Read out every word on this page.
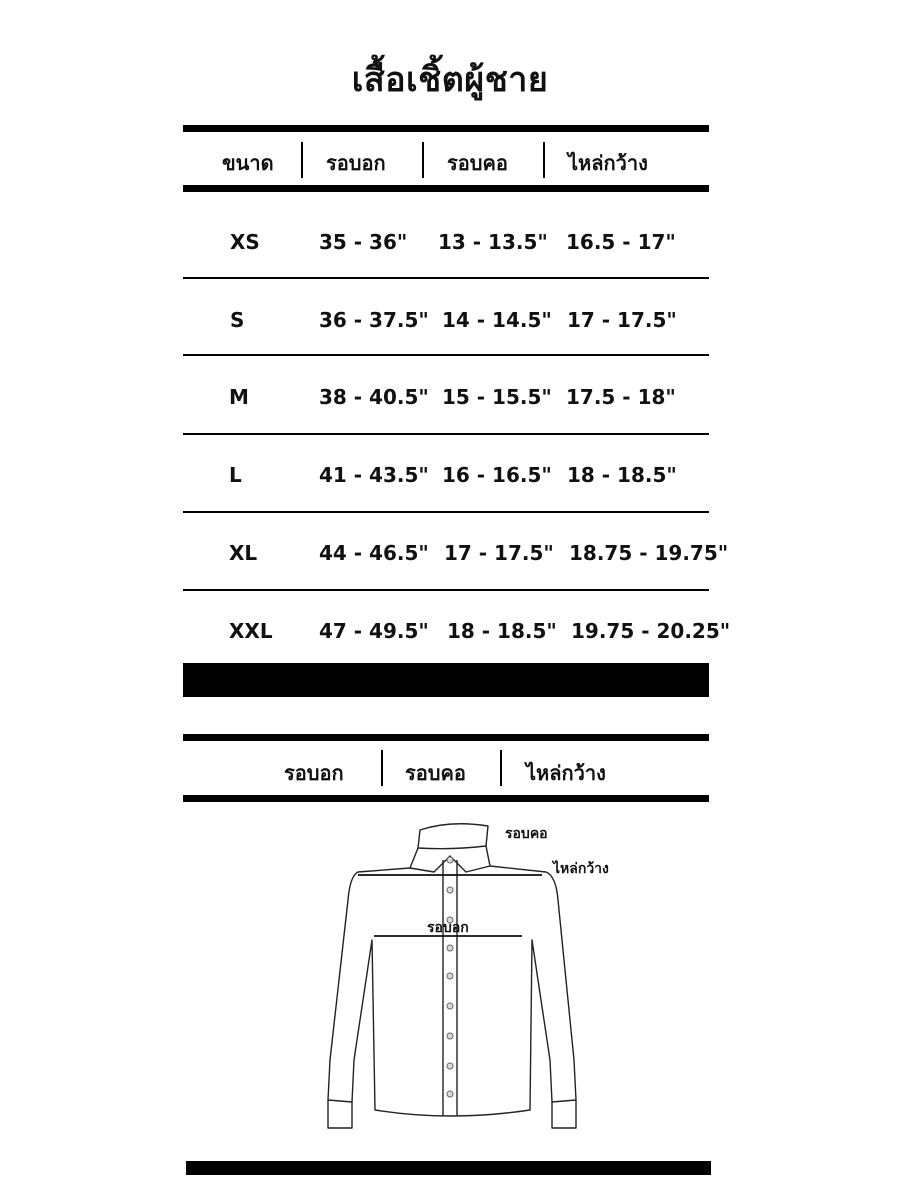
เสื้อเชิ้ตผู้ชาย
ขนาด	รอบอก	รอบคอ	ไหล่กว้าง
XS	35 - 36" 13 - 13.5" 16.5 - 17"
S	36 - 37.5" 14 - 14.5" 17 - 17.5"
M	38 - 40.5" 15 - 15.5" 17.5 - 18"
L	41 - 43.5" 16 - 16.5" 18 - 18.5"
XL	44 - 46.5" 17 - 17.5" 18.75 - 19.75"
XXL 47 - 49.5" 18 - 18.5" 19.75 - 20.25"
รอบอก	รอบคอ	ไหล่กว้าง
รอบคอ
ไหล่กว้าง
รอบอก
